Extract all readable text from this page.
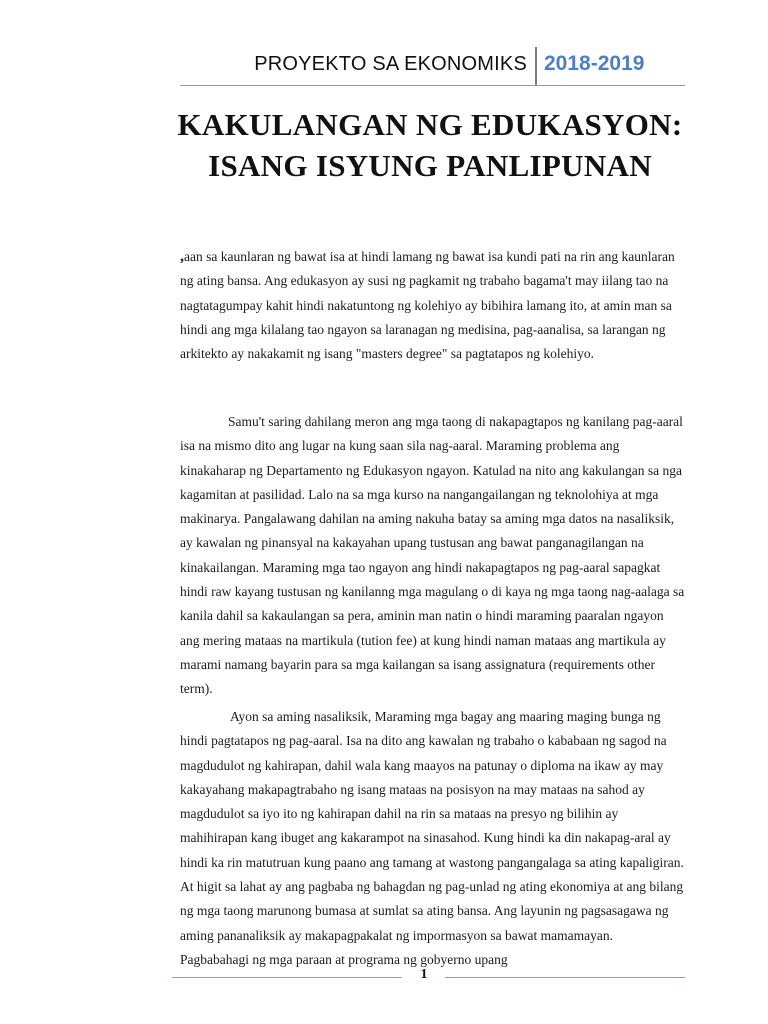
PROYEKTO SA EKONOMIKS 2018-2019
KAKULANGAN NG EDUKASYON: ISANG ISYUNG PANLIPUNAN
,aan sa kaunlaran ng bawat isa at hindi lamang ng bawat isa kundi pati na rin ang kaunlaran ng ating bansa. Ang edukasyon ay susi ng pagkamit ng trabaho bagama't may iilang tao na nagtatagumpay kahit hindi nakatuntong ng kolehiyo ay bibihira lamang ito, at amin man sa hindi ang mga kilalang tao ngayon sa laranagan ng medisina, pag-aanalisa, sa larangan ng arkitekto ay nakakamit ng isang "masters degree" sa pagtatapos ng kolehiyo.
Samu't saring dahilang meron ang mga taong di nakapagtapos ng kanilang pag-aaral isa na mismo dito ang lugar na kung saan sila nag-aaral. Maraming problema ang kinakaharap ng Departamento ng Edukasyon ngayon. Katulad na nito ang kakulangan sa nga kagamitan at pasilidad. Lalo na sa mga kurso na nangangailangan ng teknolohiya at mga makinarya. Pangalawang dahilan na aming nakuha batay sa aming mga datos na nasaliksik, ay kawalan ng pinansyal na kakayahan upang tustusan ang bawat panganagilangan na kinakailangan. Maraming mga tao ngayon ang hindi nakapagtapos ng pag-aaral sapagkat hindi raw kayang tustusan ng kanilanng mga magulang o di kaya ng mga taong nag-aalaga sa kanila dahil sa kakaulangan sa pera, aminin man natin o hindi maraming paaralan ngayon ang mering mataas na martikula (tution fee) at kung hindi naman mataas ang martikula ay marami namang bayarin para sa mga kailangan sa isang assignatura (requirements other term).
Ayon sa aming nasaliksik, Maraming mga bagay ang maaring maging bunga ng hindi pagtatapos ng pag-aaral. Isa na dito ang kawalan ng trabaho o kababaan ng sagod na magdudulot ng kahirapan, dahil wala kang maayos na patunay o diploma na ikaw ay may kakayahang makapagtrabaho ng isang mataas na posisyon na may mataas na sahod ay magdudulot sa iyo ito ng kahirapan dahil na rin sa mataas na presyo ng bilihin ay mahihirapan kang ibuget ang kakarampot na sinasahod. Kung hindi ka din nakapag-aral ay hindi ka rin matutruan kung paano ang tamang at wastong pangangalaga sa ating kapaligiran. At higit sa lahat ay ang pagbaba ng bahagdan ng pag-unlad ng ating ekonomiya at ang bilang ng mga taong marunong bumasa at sumlat sa ating bansa. Ang layunin ng pagsasagawa ng aming pananaliksik ay makapagpakalat ng impormasyon sa bawat mamamayan. Pagbabahagi ng mga paraan at programa ng gobyerno upang
1
